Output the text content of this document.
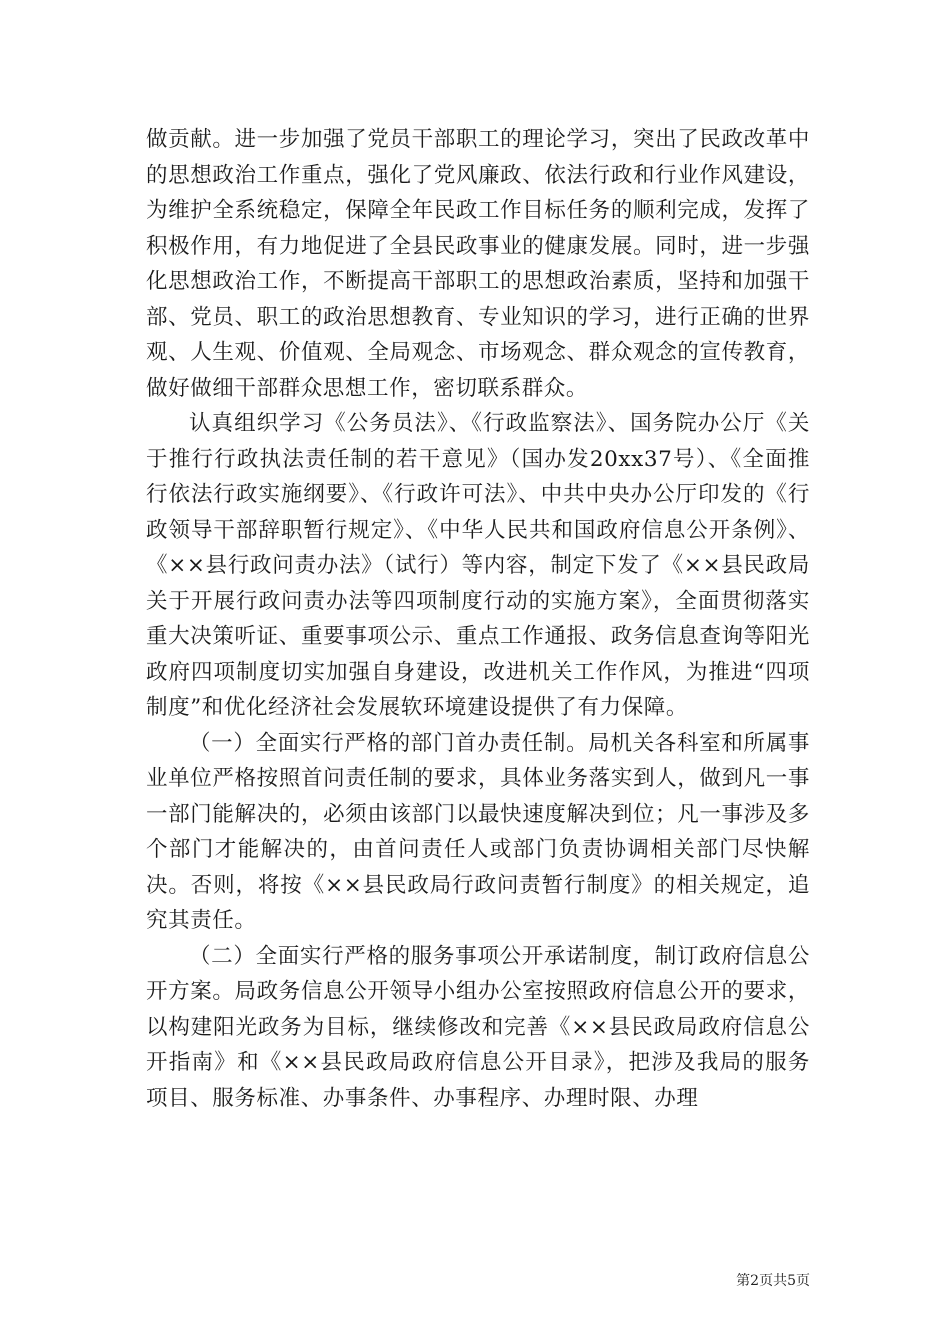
做贡献。进一步加强了党员干部职工的理论学习，突出了民政改革中的思想政治工作重点，强化了党风廉政、依法行政和行业作风建设，为维护全系统稳定，保障全年民政工作目标任务的顺利完成，发挥了积极作用，有力地促进了全县民政事业的健康发展。同时，进一步强化思想政治工作，不断提高干部职工的思想政治素质，坚持和加强干部、党员、职工的政治思想教育、专业知识的学习，进行正确的世界观、人生观、价值观、全局观念、市场观念、群众观念的宣传教育，做好做细干部群众思想工作，密切联系群众。

认真组织学习《公务员法》、《行政监察法》、国务院办公厅《关于推行行政执法责任制的若干意见》（国办发20xx37号）、《全面推行依法行政实施纲要》、《行政许可法》、中共中央办公厅印发的《行政领导干部辞职暂行规定》、《中华人民共和国政府信息公开条例》、《××县行政问责办法》（试行）等内容，制定下发了《××县民政局关于开展行政问责办法等四项制度行动的实施方案》，全面贯彻落实重大决策听证、重要事项公示、重点工作通报、政务信息查询等阳光政府四项制度切实加强自身建设，改进机关工作作风，为推进“四项制度”和优化经济社会发展软环境建设提供了有力保障。

（一）全面实行严格的部门首办责任制。局机关各科室和所属事业单位严格按照首问责任制的要求，具体业务落实到人，做到凡一事一部门能解决的，必须由该部门以最快速度解决到位；凡一事涉及多个部门才能解决的，由首问责任人或部门负责协调相关部门尽快解决。否则，将按《××县民政局行政问责暂行制度》的相关规定，追究其责任。

（二）全面实行严格的服务事项公开承诺制度，制订政府信息公开方案。局政务信息公开领导小组办公室按照政府信息公开的要求，以构建阳光政务为目标，继续修改和完善《××县民政局政府信息公开指南》和《××县民政局政府信息公开目录》，把涉及我局的服务项目、服务标准、办事条件、办事程序、办理时限、办理

第2页共5页
